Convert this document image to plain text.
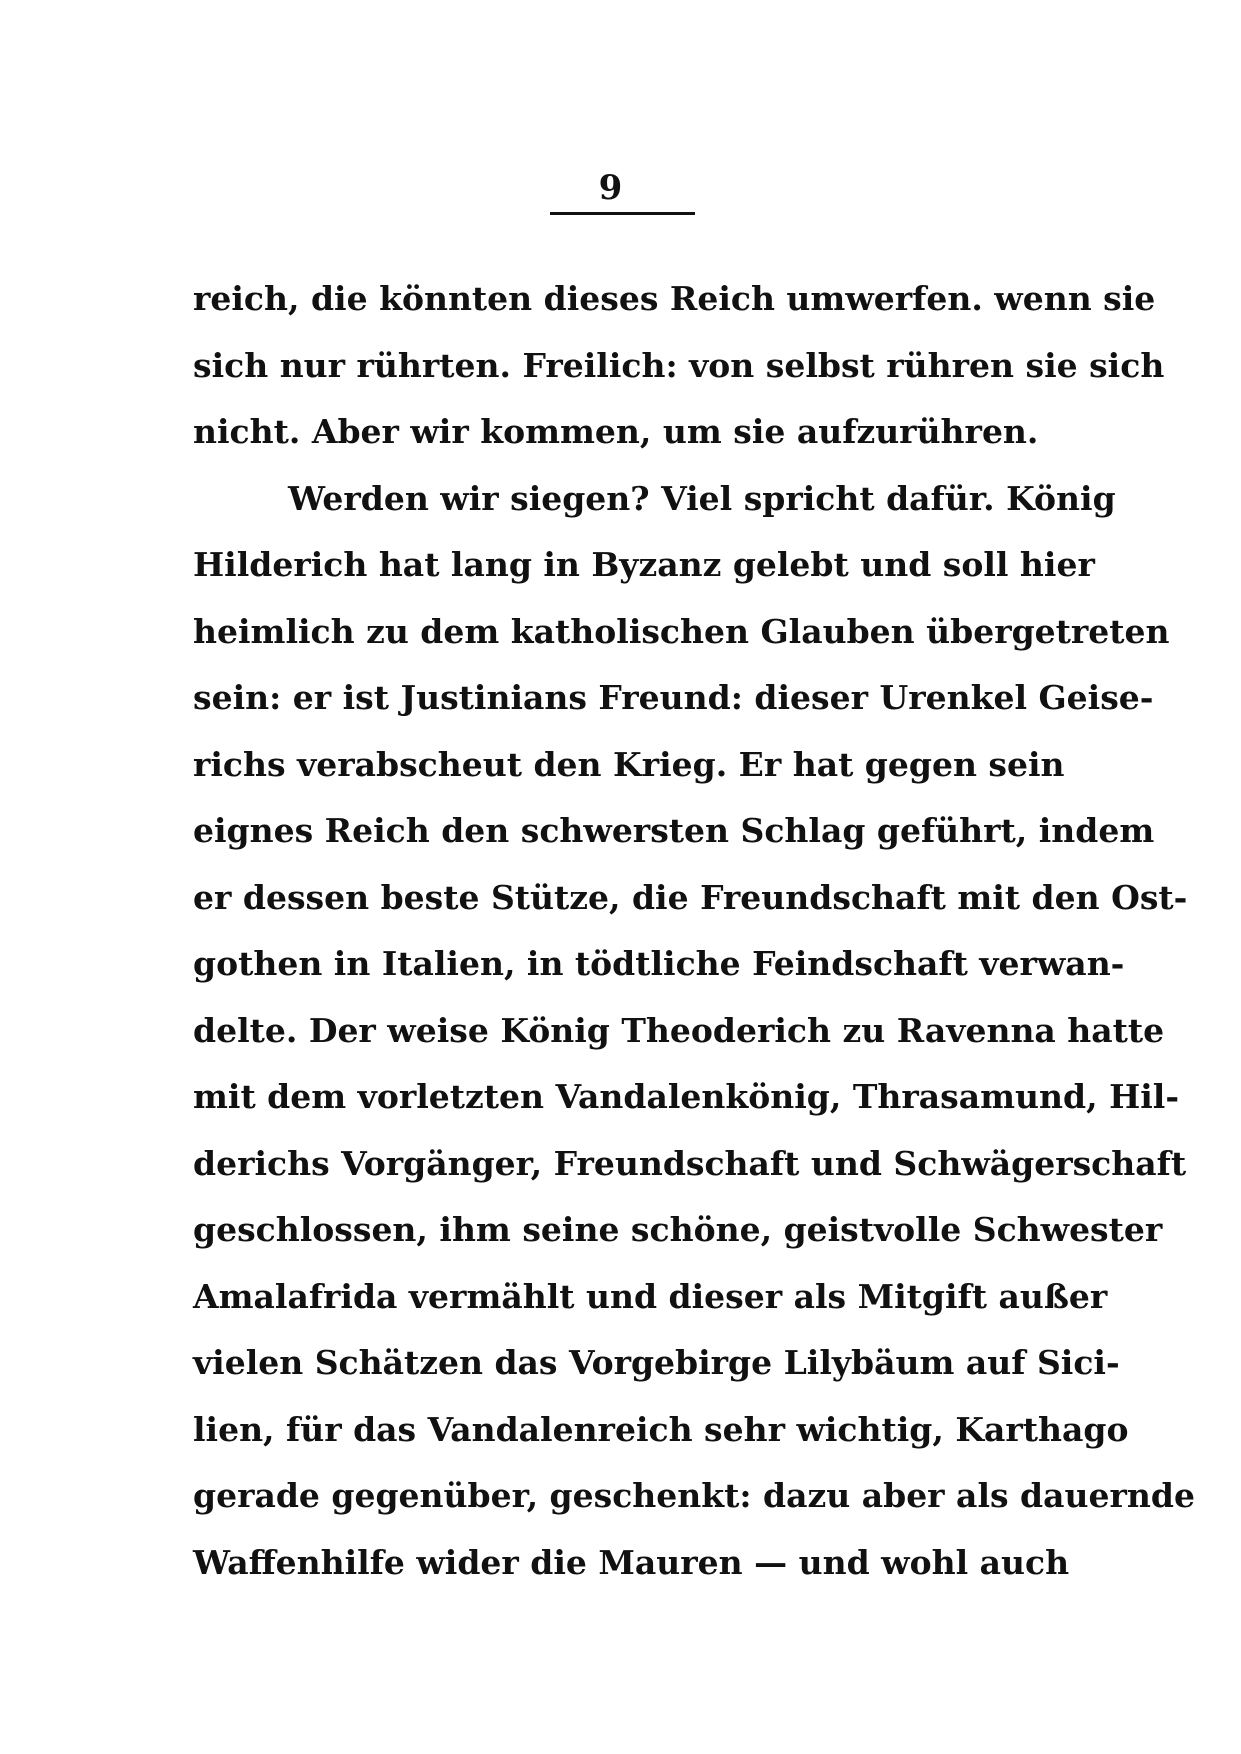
9
reich, die könnten dieses Reich umwerfen. wenn sie
sich nur rührten. Freilich: von selbst rühren sie sich
nicht. Aber wir kommen, um sie aufzurühren.
Werden wir siegen? Viel spricht dafür. König
Hilderich hat lang in Byzanz gelebt und soll hier
heimlich zu dem katholischen Glauben übergetreten
sein: er ist Justinians Freund: dieser Urenkel Geise-
richs verabscheut den Krieg. Er hat gegen sein
eignes Reich den schwersten Schlag geführt, indem
er dessen beste Stütze, die Freundschaft mit den Ost-
gothen in Italien, in tödtliche Feindschaft verwan-
delte. Der weise König Theoderich zu Ravenna hatte
mit dem vorletzten Vandalenkönig, Thrasamund, Hil-
derichs Vorgänger, Freundschaft und Schwägerschaft
geschlossen, ihm seine schöne, geistvolle Schwester
Amalafrida vermählt und dieser als Mitgift außer
vielen Schätzen das Vorgebirge Lilybäum auf Sici-
lien, für das Vandalenreich sehr wichtig, Karthago
gerade gegenüber, geschenkt: dazu aber als dauernde
Waffenhilfe wider die Mauren — und wohl auch
